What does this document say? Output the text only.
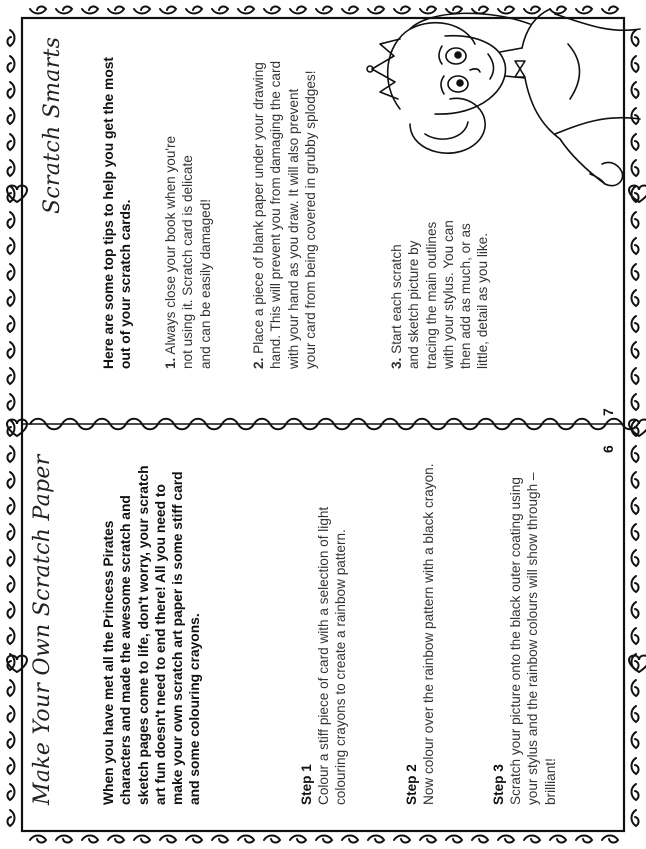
Make Your Own Scratch Paper	When you have met all the Princess Pirates characters and made the awesome scratch and sketch pages come to life, don't worry, your scratch art fun doesn't need to end there! All you need to make your own scratch art paper is some stiff card and some colouring crayons.	Step 1 Colour a stiff piece of card with a selection of light colouring crayons to create a rainbow pattern.	Step 2 Now colour over the rainbow pattern with a black crayon.	Step 3 Scratch your picture onto the black outer coating using your stylus and the rainbow colours will show through – brilliant!
6
Scratch Smarts	Here are some top tips to help you get the most out of your scratch cards. 1. Always close your book when you're not using it. Scratch card is delicate and can be easily damaged!	2. Place a piece of blank paper under your drawing hand. This will prevent you from damaging the card with your hand as you draw. It will also prevent your card from being covered in grubby splodges!	3. Start each scratch and sketch picture by tracing the main outlines with your stylus. You can then add as much, or as little, detail as you like.
7
